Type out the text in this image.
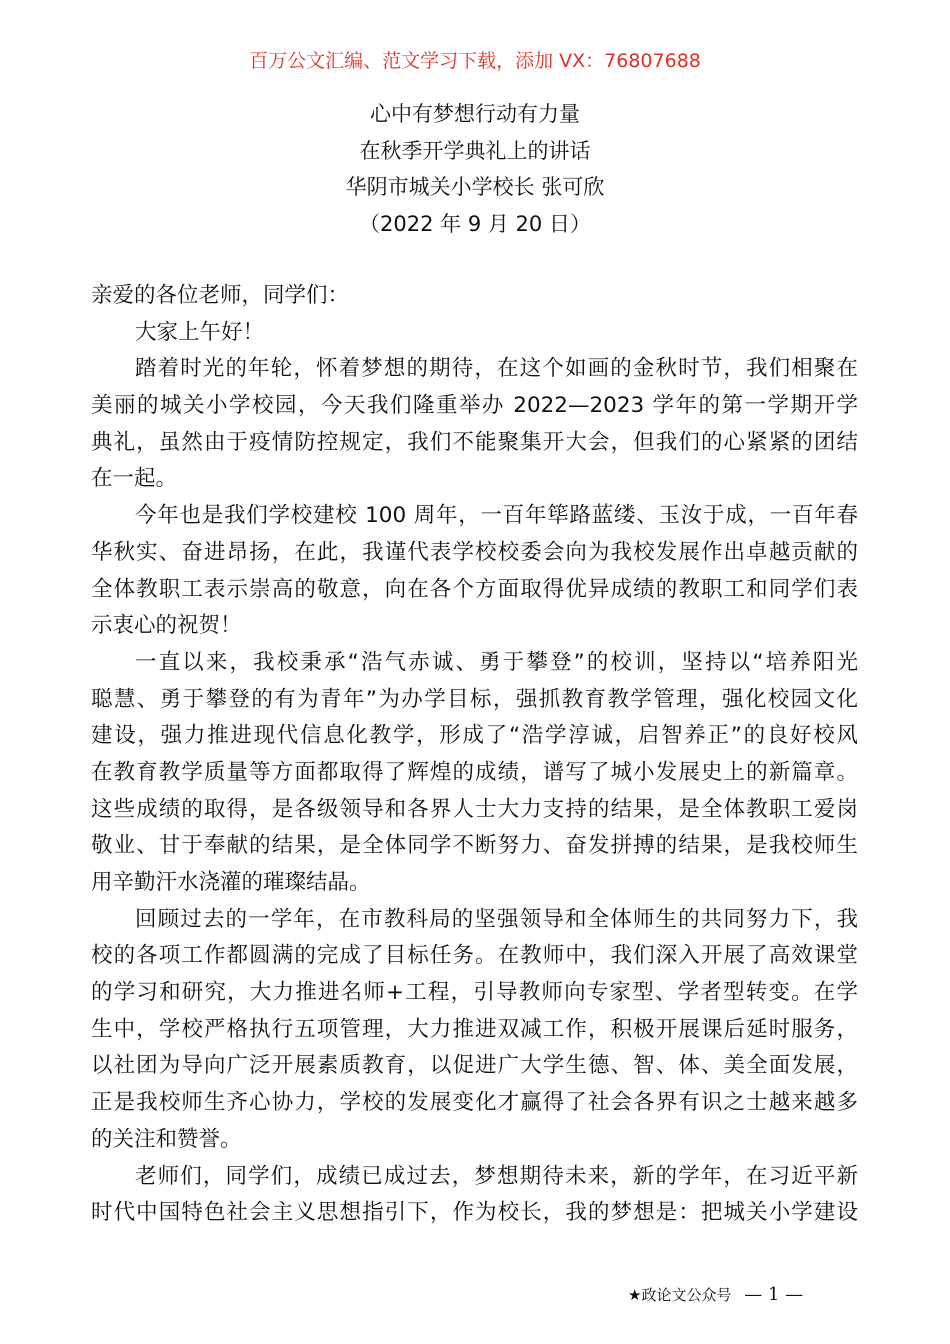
百万公文汇编、范文学习下载，添加 VX：76807688
心中有梦想行动有力量
在秋季开学典礼上的讲话
华阴市城关小学校长 张可欣
（2022 年 9 月 20 日）
亲爱的各位老师，同学们：
大家上午好！
踏着时光的年轮，怀着梦想的期待，在这个如画的金秋时节，我们相聚在
美丽的城关小学校园，今天我们隆重举办 2022—2023 学年的第一学期开学
典礼，虽然由于疫情防控规定，我们不能聚集开大会，但我们的心紧紧的团结
在一起。
今年也是我们学校建校 100 周年，一百年筚路蓝缕、玉汝于成，一百年春
华秋实、奋进昂扬，在此，我谨代表学校校委会向为我校发展作出卓越贡献的
全体教职工表示崇高的敬意，向在各个方面取得优异成绩的教职工和同学们表
示衷心的祝贺！
一直以来，我校秉承“浩气赤诚、勇于攀登”的校训，坚持以“培养阳光
聪慧、勇于攀登的有为青年”为办学目标，强抓教育教学管理，强化校园文化
建设，强力推进现代信息化教学，形成了“浩学淳诚，启智养正”的良好校风
在教育教学质量等方面都取得了辉煌的成绩，谱写了城小发展史上的新篇章。
这些成绩的取得，是各级领导和各界人士大力支持的结果，是全体教职工爱岗
敬业、甘于奉献的结果，是全体同学不断努力、奋发拼搏的结果，是我校师生
用辛勤汗水浇灌的璀璨结晶。
回顾过去的一学年，在市教科局的坚强领导和全体师生的共同努力下，我
校的各项工作都圆满的完成了目标任务。在教师中，我们深入开展了高效课堂
的学习和研究，大力推进名师+工程，引导教师向专家型、学者型转变。在学
生中，学校严格执行五项管理，大力推进双减工作，积极开展课后延时服务，
以社团为导向广泛开展素质教育，以促进广大学生德、智、体、美全面发展，
正是我校师生齐心协力，学校的发展变化才赢得了社会各界有识之士越来越多
的关注和赞誉。
老师们，同学们，成绩已成过去，梦想期待未来，新的学年，在习近平新
时代中国特色社会主义思想指引下，作为校长，我的梦想是：把城关小学建设
★政论文公众号 — 1 —
